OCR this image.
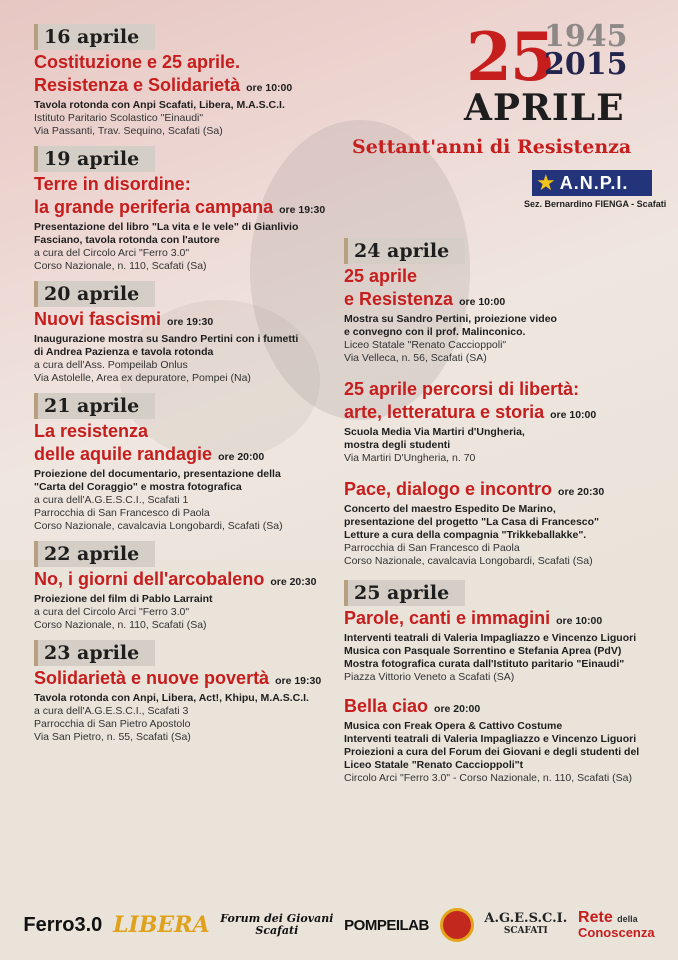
25
1945
2015
APRILE
Settant'anni di Resistenza
★ A.N.P.I.
Sez. Bernardino FIENGA - Scafati
16 aprile
Costituzione e 25 aprile.
Resistenza e Solidarietà ore 10:00
Tavola rotonda con Anpi Scafati, Libera, M.A.S.C.I.
Istituto Paritario Scolastico "Einaudi"
Via Passanti, Trav. Sequino, Scafati (Sa)
19 aprile
Terre in disordine:
la grande periferia campana ore 19:30
Presentazione del libro "La vita e le vele" di Gianlivio
Fasciano, tavola rotonda con l'autore
a cura del Circolo Arci "Ferro 3.0"
Corso Nazionale, n. 110, Scafati (Sa)
20 aprile
Nuovi fascismi ore 19:30
Inaugurazione mostra su Sandro Pertini con i fumetti
di Andrea Pazienza e tavola rotonda
a cura dell'Ass. Pompeilab Onlus
Via Astolelle, Area ex depuratore, Pompei (Na)
21 aprile
La resistenza
delle aquile randagie ore 20:00
Proiezione del documentario, presentazione della
"Carta del Coraggio" e mostra fotografica
a cura dell'A.G.E.S.C.I., Scafati 1
Parrocchia di San Francesco di Paola
Corso Nazionale, cavalcavia Longobardi, Scafati (Sa)
22 aprile
No, i giorni dell'arcobaleno ore 20:30
Proiezione del film di Pablo Larraint
a cura del Circolo Arci "Ferro 3.0"
Corso Nazionale, n. 110, Scafati (Sa)
23 aprile
Solidarietà e nuove povertà ore 19:30
Tavola rotonda con Anpi, Libera, Act!, Khipu, M.A.S.C.I.
a cura dell'A.G.E.S.C.I., Scafati 3
Parrocchia di San Pietro Apostolo
Via San Pietro, n. 55, Scafati (Sa)
24 aprile
25 aprile
e Resistenza ore 10:00
Mostra su Sandro Pertini, proiezione video
e convegno con il prof. Malinconico.
Liceo Statale "Renato Caccioppoli"
Via Velleca, n. 56, Scafati (SA)
25 aprile percorsi di libertà:
arte, letteratura e storia ore 10:00
Scuola Media Via Martiri d'Ungheria,
mostra degli studenti
Via Martiri D'Ungheria, n. 70
Pace, dialogo e incontro ore 20:30
Concerto del maestro Espedito De Marino,
presentazione del progetto "La Casa di Francesco"
Letture a cura della compagnia "Trikkeballakke".
Parrocchia di San Francesco di Paola
Corso Nazionale, cavalcavia Longobardi, Scafati (Sa)
25 aprile
Parole, canti e immagini ore 10:00
Interventi teatrali di Valeria Impagliazzo e Vincenzo Liguori
Musica con Pasquale Sorrentino e Stefania Aprea (PdV)
Mostra fotografica curata dall'Istituto paritario "Einaudi"
Piazza Vittorio Veneto a Scafati (SA)
Bella ciao ore 20:00
Musica con Freak Opera & Cattivo Costume
Interventi teatrali di Valeria Impagliazzo e Vincenzo Liguori
Proiezioni a cura del Forum dei Giovani e degli studenti del
Liceo Statale "Renato Caccioppoli"t
Circolo Arci "Ferro 3.0" - Corso Nazionale, n. 110, Scafati (Sa)
Ferro3.0 LIBERA Forum dei Giovani
Scafati	POMPEILAB	A.G.E.S.C.I.
SCAFATI
Rete della
Conoscenza
